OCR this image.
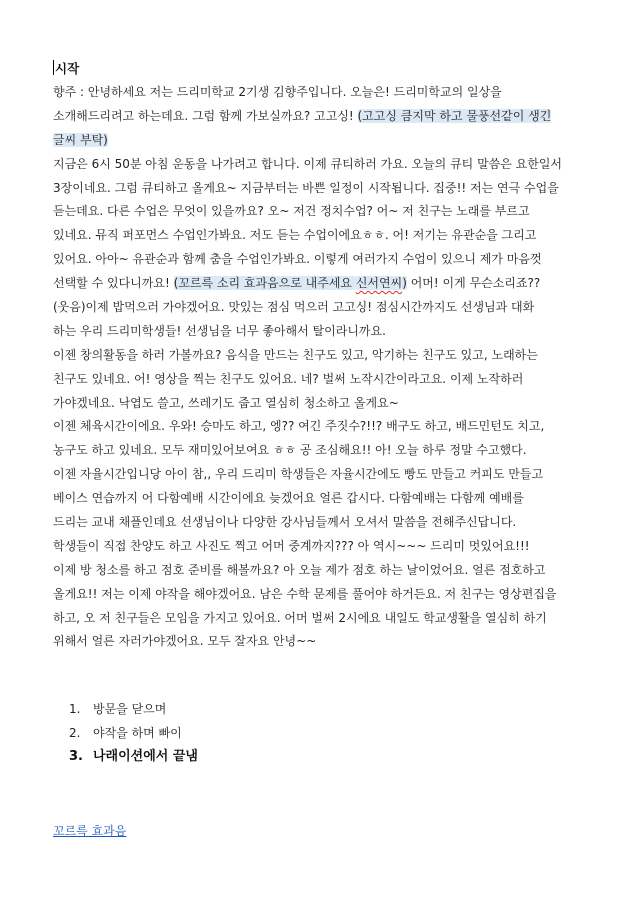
시작
향주 : 안녕하세요 저는 드리미학교 2기생 김향주입니다. 오늘은! 드리미학교의 일상을
소개해드리려고 하는데요. 그럼 함께 가보실까요? 고고싱! (고고싱 큼지막 하고 물풍선같이 생긴
글씨 부탁)
지금은 6시 50분 아침 운동을 나가려고 합니다. 이제 큐티하러 가요. 오늘의 큐티 말씀은 요한일서
3장이네요. 그럼 큐티하고 올게요~ 지금부터는 바쁜 일정이 시작됩니다. 집중!! 저는 연극 수업을
듣는데요. 다른 수업은 무엇이 있을까요? 오~ 저건 정치수업? 어~ 저 친구는 노래를 부르고
있네요. 뮤직 퍼포먼스 수업인가봐요. 저도 듣는 수업이에요ㅎㅎ. 어! 저기는 유관순을 그리고
있어요. 아아~ 유관순과 함께 춤을 수업인가봐요. 이렇게 여러가지 수업이 있으니 제가 마음껏
선택할 수 있다니까요! (꼬르륵 소리 효과음으로 내주세요 신서연씨) 어머! 이게 무슨소리죠??
(웃음)이제 밥먹으러 가야겠어요. 맛있는 점심 먹으러 고고싱! 점심시간까지도 선생님과 대화
하는 우리 드리미학생들! 선생님을 너무 좋아해서 탈이라니까요.
이젠 창의활동을 하러 가볼까요? 음식을 만드는 친구도 있고, 악기하는 친구도 있고, 노래하는
친구도 있네요. 어! 영상을 찍는 친구도 있어요. 네? 벌써 노작시간이라고요. 이제 노작하러
가야겠네요. 낙엽도 쓸고, 쓰레기도 줍고 열심히 청소하고 올게요~
이젠 체육시간이에요. 우와! 승마도 하고, 엥?? 여긴 주짓수?!!? 배구도 하고, 배드민턴도 치고,
농구도 하고 있네요. 모두 재미있어보여요 ㅎㅎ 공 조심해요!! 아! 오늘 하루 정말 수고했다.
이젠 자율시간입니당 아이 참,, 우리 드리미 학생들은 자율시간에도 빵도 만들고 커피도 만들고
베이스 연습까지 어 다함예배 시간이에요 늦겠어요 얼른 갑시다. 다함예배는 다함께 예배를
드리는 교내 채플인데요 선생님이나 다양한 강사님들께서 오셔서 말씀을 전해주신답니다.
학생들이 직접 찬양도 하고 사진도 찍고 어머 중계까지??? 아 역시~~~ 드리미 멋있어요!!!
이제 방 청소를 하고 점호 준비를 해볼까요? 아 오늘 제가 점호 하는 날이었어요. 얼른 점호하고
올게요!! 저는 이제 야작을 해야겠어요. 남은 수학 문제를 풀어야 하거든요. 저 친구는 영상편집을
하고, 오 저 친구들은 모임을 가지고 있어요. 어머 벌써 2시에요 내일도 학교생활을 열심히 하기
위해서 얼른 자러가야겠어요. 모두 잘자요 안녕~~
1. 방문을 닫으며
2. 야작을 하며 빠이
3. 나래이션에서 끝냄
꼬르륵 효과음
